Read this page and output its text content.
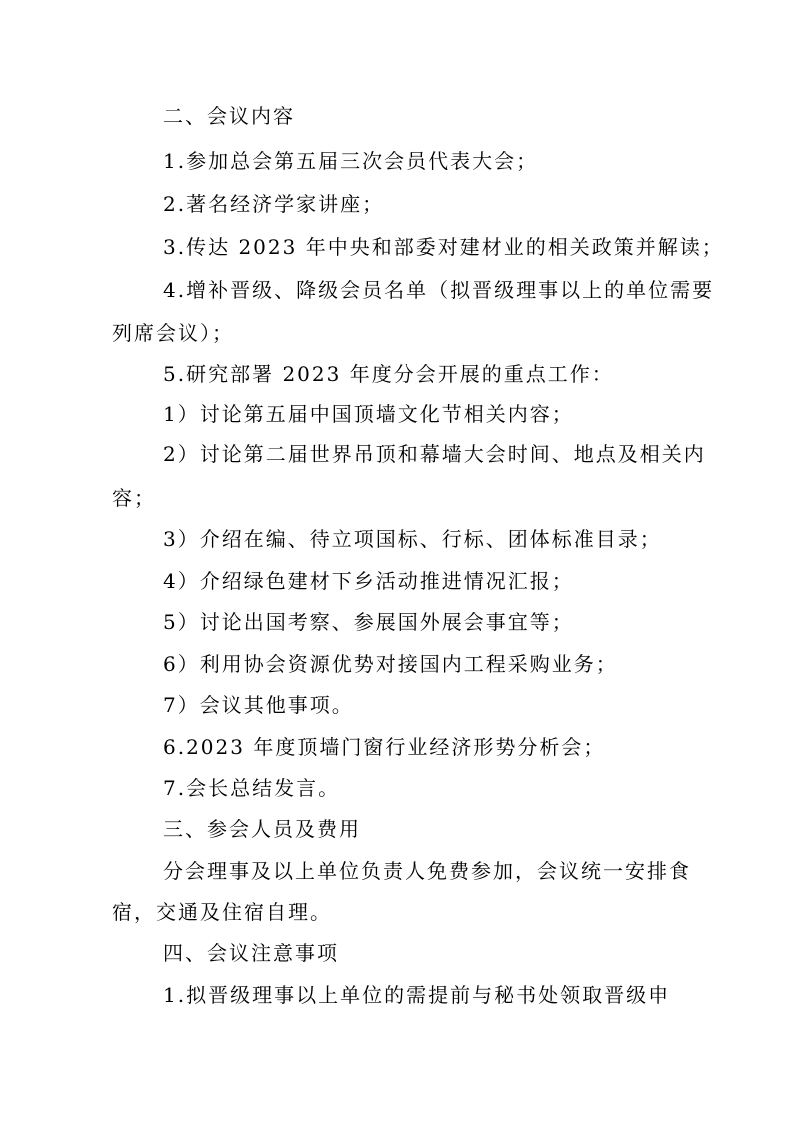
二、会议内容
1.参加总会第五届三次会员代表大会；
2.著名经济学家讲座；
3.传达 2023 年中央和部委对建材业的相关政策并解读；
4.增补晋级、降级会员名单（拟晋级理事以上的单位需要
列席会议）；
5.研究部署 2023 年度分会开展的重点工作：
1）讨论第五届中国顶墙文化节相关内容；
2）讨论第二届世界吊顶和幕墙大会时间、地点及相关内
容；
3）介绍在编、待立项国标、行标、团体标准目录；
4）介绍绿色建材下乡活动推进情况汇报；
5）讨论出国考察、参展国外展会事宜等；
6）利用协会资源优势对接国内工程采购业务；
7）会议其他事项。
6.2023 年度顶墙门窗行业经济形势分析会；
7.会长总结发言。
三、参会人员及费用
分会理事及以上单位负责人免费参加，会议统一安排食
宿，交通及住宿自理。
四、会议注意事项
1.拟晋级理事以上单位的需提前与秘书处领取晋级申
